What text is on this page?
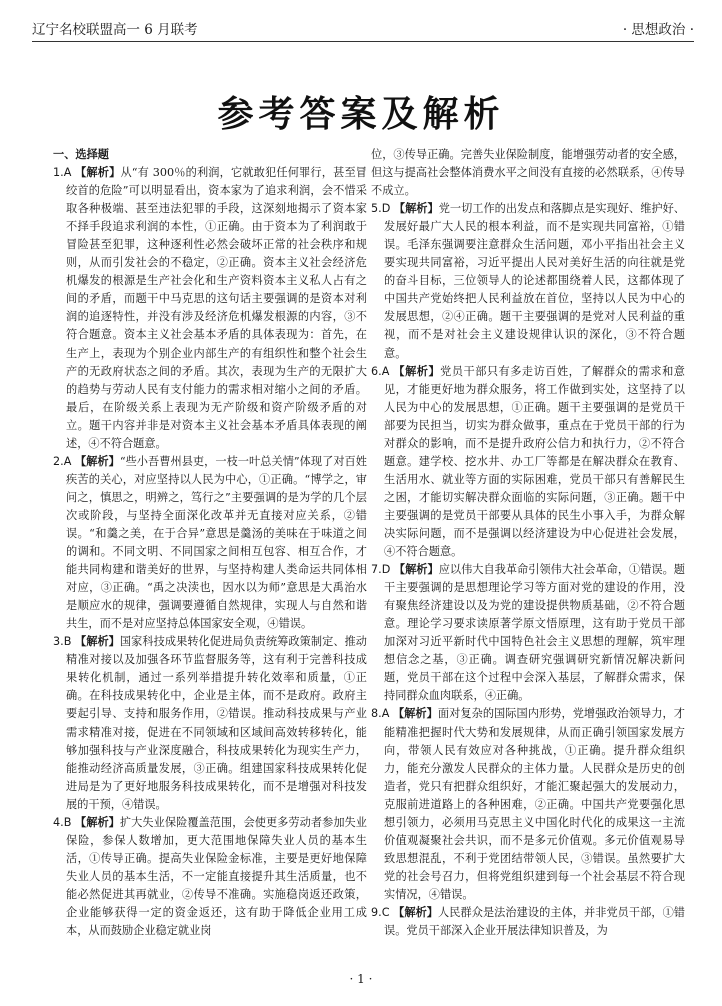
辽宁名校联盟高一 6 月联考	· 思想政治 ·
参考答案及解析
一、选择题

1.A 【解析】从“有 300％的利润，它就敢犯任何罪行，甚至冒绞首的危险”可以明显看出，资本家为了追求利润，会不惜采取各种极端、甚至违法犯罪的手段，这深刻地揭示了资本家不择手段追求利润的本性，①正确。由于资本为了利润敢于冒险甚至犯罪，这种逐利性必然会破坏正常的社会秩序和规则，从而引发社会的不稳定，②正确。资本主义社会经济危机爆发的根源是生产社会化和生产资料资本主义私人占有之间的矛盾，而题干中马克思的这句话主要强调的是资本对利润的追逐特性，并没有涉及经济危机爆发根源的内容，③不符合题意。资本主义社会基本矛盾的具体表现为：首先，在生产上，表现为个别企业内部生产的有组织性和整个社会生产的无政府状态之间的矛盾。其次，表现为生产的无限扩大的趋势与劳动人民有支付能力的需求相对缩小之间的矛盾。最后，在阶级关系上表现为无产阶级和资产阶级矛盾的对立。题干内容并非是对资本主义社会基本矛盾具体表现的阐述，④不符合题意。

2.A 【解析】“些小吾曹州县吏，一枝一叶总关情”体现了对百姓疾苦的关心，对应坚持以人民为中心，①正确。“博学之，审问之，慎思之，明辨之，笃行之”主要强调的是为学的几个层次或阶段，与坚持全面深化改革并无直接对应关系，②错误。“和羹之美，在于合异”意思是羹汤的美味在于味道之间的调和。不同文明、不同国家之间相互包容、相互合作，才能共同构建和谐美好的世界，与坚持构建人类命运共同体相对应，③正确。“禹之决渎也，因水以为师”意思是大禹治水是顺应水的规律，强调要遵循自然规律，实现人与自然和谐共生，而不是对应坚持总体国家安全观，④错误。

3.B 【解析】国家科技成果转化促进局负责统筹政策制定、推动精准对接以及加强各环节监督服务等，这有利于完善科技成果转化机制，通过一系列举措提升转化效率和质量，①正确。在科技成果转化中，企业是主体，而不是政府。政府主要起引导、支持和服务作用，②错误。推动科技成果与产业需求精准对接，促进在不同领域和区域间高效转移转化，能够加强科技与产业深度融合，科技成果转化为现实生产力，能推动经济高质量发展，③正确。组建国家科技成果转化促进局是为了更好地服务科技成果转化，而不是增强对科技发展的干预，④错误。

4.B 【解析】扩大失业保险覆盖范围，会使更多劳动者参加失业保险，参保人数增加，更大范围地保障失业人员的基本生活，①传导正确。提高失业保险金标准，主要是更好地保障失业人员的基本生活，不一定能直接提升其生活质量，也不能必然促进其再就业，②传导不准确。实施稳岗返还政策，企业能够获得一定的资金返还，这有助于降低企业用工成本，从而鼓励企业稳定就业岗

位，③传导正确。完善失业保险制度，能增强劳动者的安全感，但这与提高社会整体消费水平之间没有直接的必然联系，④传导不成立。

5.D 【解析】党一切工作的出发点和落脚点是实现好、维护好、发展好最广大人民的根本利益，而不是实现共同富裕，①错误。毛泽东强调要注意群众生活问题，邓小平指出社会主义要实现共同富裕，习近平提出人民对美好生活的向往就是党的奋斗目标，三位领导人的论述都围绕着人民，这都体现了中国共产党始终把人民利益放在首位，坚持以人民为中心的发展思想，②④正确。题干主要强调的是党对人民利益的重视，而不是对社会主义建设规律认识的深化，③不符合题意。

6.A 【解析】党员干部只有多走访百姓，了解群众的需求和意见，才能更好地为群众服务，将工作做到实处，这坚持了以人民为中心的发展思想，①正确。题干主要强调的是党员干部要为民担当，切实为群众做事，重点在于党员干部的行为对群众的影响，而不是提升政府公信力和执行力，②不符合题意。建学校、挖水井、办工厂等都是在解决群众在教育、生活用水、就业等方面的实际困难，党员干部只有善解民生之困，才能切实解决群众面临的实际问题，③正确。题干中主要强调的是党员干部要从具体的民生小事入手，为群众解决实际问题，而不是强调以经济建设为中心促进社会发展，④不符合题意。

7.D 【解析】应以伟大自我革命引领伟大社会革命，①错误。题干主要强调的是思想理论学习等方面对党的建设的作用，没有聚焦经济建设以及为党的建设提供物质基础，②不符合题意。理论学习要求读原著学原文悟原理，这有助于党员干部加深对习近平新时代中国特色社会主义思想的理解，筑牢理想信念之基，③正确。调查研究强调研究新情况解决新问题，党员干部在这个过程中会深入基层，了解群众需求，保持同群众血肉联系，④正确。

8.A 【解析】面对复杂的国际国内形势，党增强政治领导力，才能精准把握时代大势和发展规律，从而正确引领国家发展方向，带领人民有效应对各种挑战，①正确。提升群众组织力，能充分激发人民群众的主体力量。人民群众是历史的创造者，党只有把群众组织好，才能汇聚起强大的发展动力，克服前进道路上的各种困难，②正确。中国共产党要强化思想引领力，必须用马克思主义中国化时代化的成果这一主流价值观凝聚社会共识，而不是多元价值观。多元价值观易导致思想混乱，不利于党团结带领人民，③错误。虽然要扩大党的社会号召力，但将党组织建到每一个社会基层不符合现实情况，④错误。

9.C 【解析】人民群众是法治建设的主体，并非党员干部，①错误。党员干部深入企业开展法律知识普及，为

· 1 ·
